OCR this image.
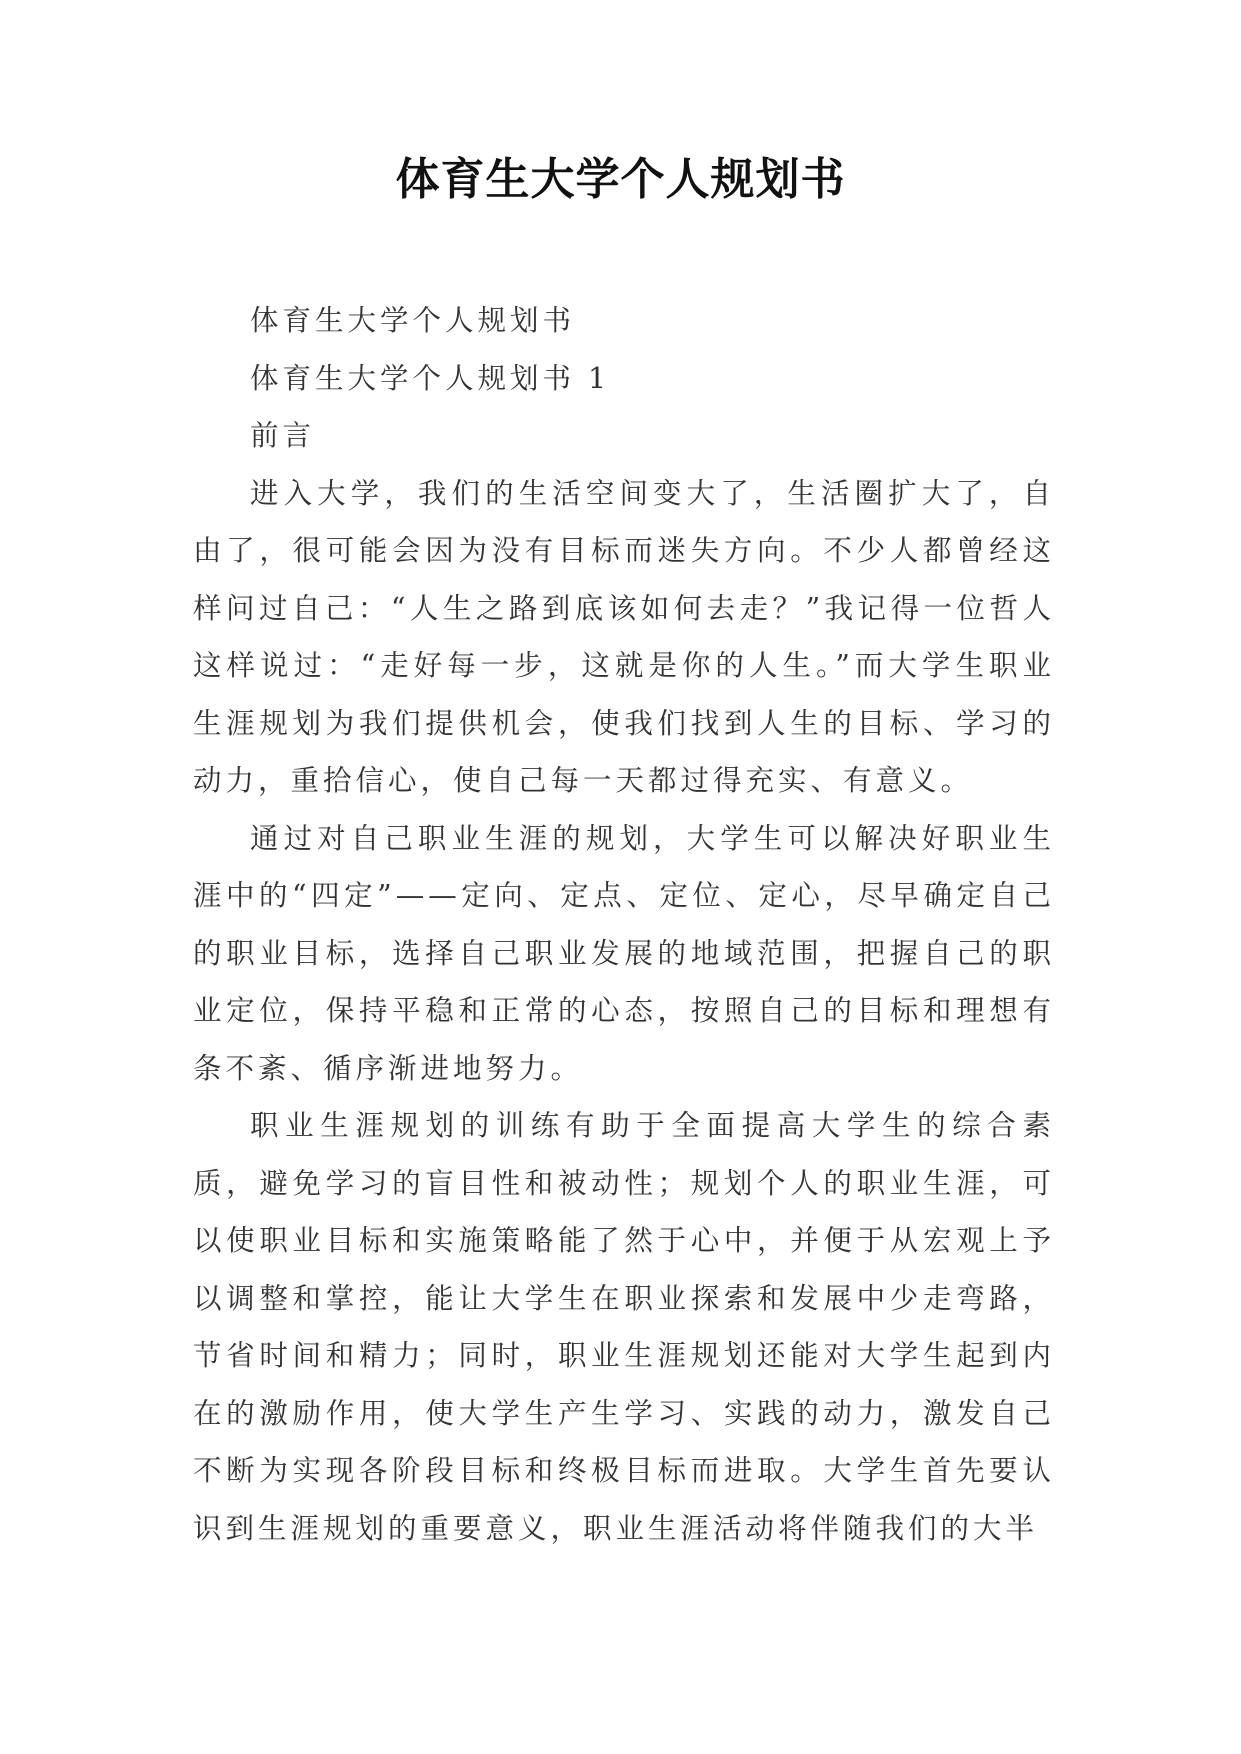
体育生大学个人规划书

体育生大学个人规划书

体育生大学个人规划书 1

前言

进入大学，我们的生活空间变大了，生活圈扩大了，自由了，很可能会因为没有目标而迷失方向。不少人都曾经这样问过自己：“人生之路到底该如何去走？”我记得一位哲人这样说过：“走好每一步，这就是你的人生。”而大学生职业生涯规划为我们提供机会，使我们找到人生的目标、学习的动力，重拾信心，使自己每一天都过得充实、有意义。

通过对自己职业生涯的规划，大学生可以解决好职业生涯中的“四定”——定向、定点、定位、定心，尽早确定自己的职业目标，选择自己职业发展的地域范围，把握自己的职业定位，保持平稳和正常的心态，按照自己的目标和理想有条不紊、循序渐进地努力。

职业生涯规划的训练有助于全面提高大学生的综合素质，避免学习的盲目性和被动性；规划个人的职业生涯，可以使职业目标和实施策略能了然于心中，并便于从宏观上予以调整和掌控，能让大学生在职业探索和发展中少走弯路，节省时间和精力；同时，职业生涯规划还能对大学生起到内在的激励作用，使大学生产生学习、实践的动力，激发自己不断为实现各阶段目标和终极目标而进取。大学生首先要认识到生涯规划的重要意义，职业生涯活动将伴随我们的大半
